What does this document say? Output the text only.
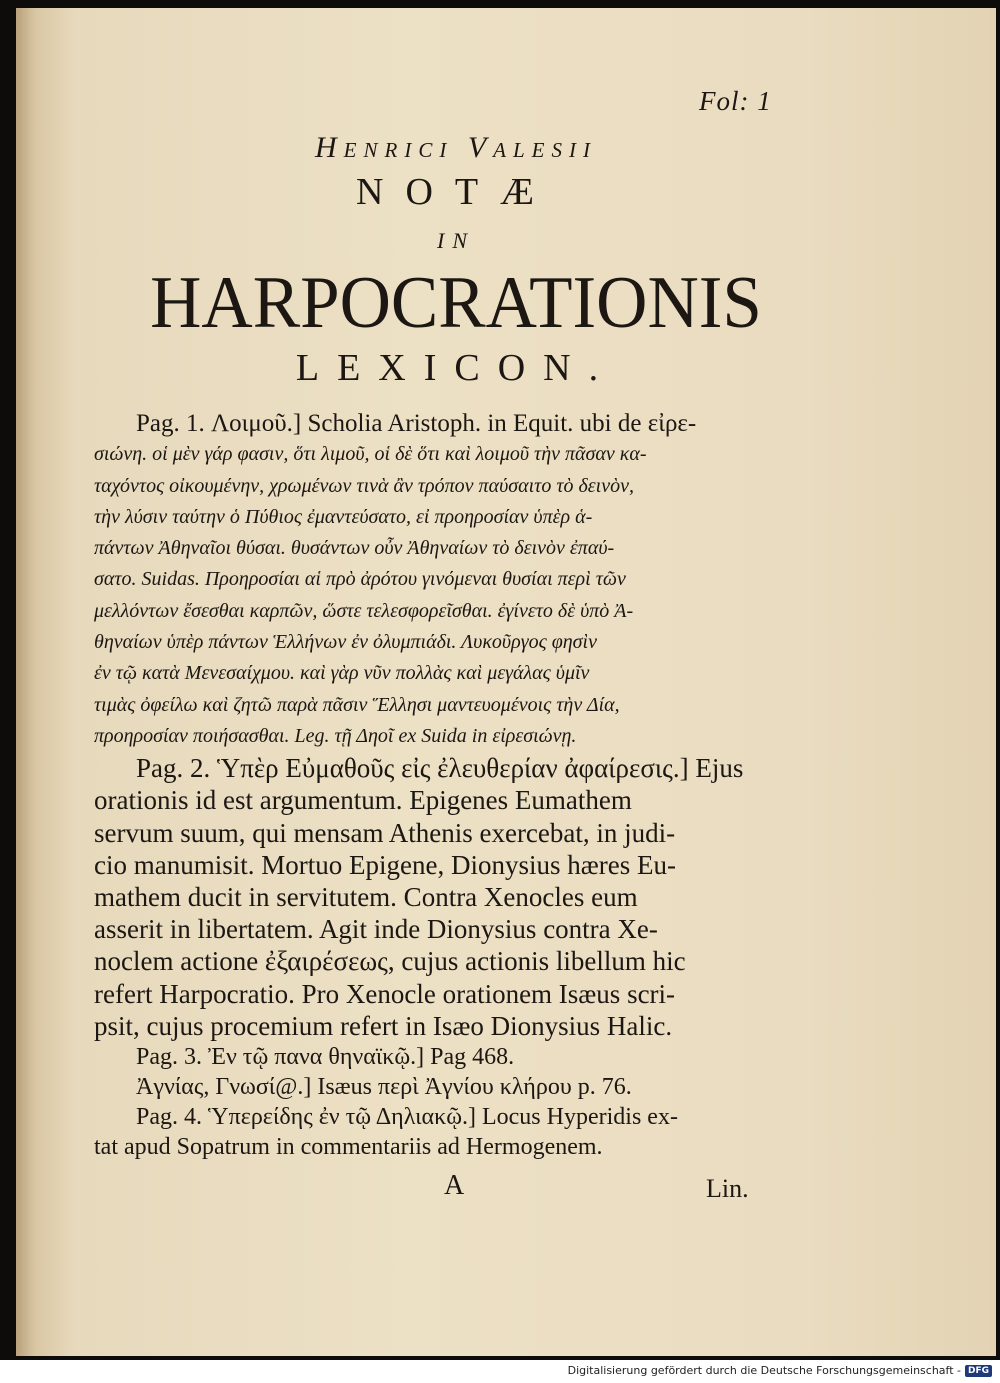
Fol: 1
Henrici Valesii
NOTÆ
IN
HARPOCRATIONIS
LEXICON.
Pag. 1. Λοιμοῦ.] Scholia Aristoph. in Equit. ubi de εἰρε-
σιώνη. οἱ μὲν γάρ φασιν, ὅτι λιμοῦ, οἱ δὲ ὅτι καὶ λοιμοῦ τὴν πᾶσαν κα-
ταχόντος οἰκουμένην, χρωμένων τινὰ ἂν τρόπον παύσαιτο τὸ δεινὸν,
τὴν λύσιν ταύτην ὁ Πύθιος ἐμαντεύσατο, εἰ προηροσίαν ὑπὲρ ἁ-
πάντων Ἀθηναῖοι θύσαι. θυσάντων οὖν Ἀθηναίων τὸ δεινὸν ἐπαύ-
σατο. Suidas. Προηροσίαι αἱ πρὸ ἀρότου γινόμεναι θυσίαι περὶ τῶν
μελλόντων ἔσεσθαι καρπῶν, ὥστε τελεσφορεῖσθαι. ἐγίνετο δὲ ὑπὸ Ἀ-
θηναίων ὑπὲρ πάντων Ἑλλήνων ἐν ὀλυμπιάδι. Λυκοῦργος φησὶν
ἐν τῷ κατὰ Μενεσαίχμου. καὶ γὰρ νῦν πολλὰς καὶ μεγάλας ὑμῖν
τιμὰς ὀφείλω καὶ ζητῶ παρὰ πᾶσιν Ἕλλησι μαντευομένοις τὴν Δία,
προηροσίαν ποιήσασθαι. Leg. τῇ Δηοῖ ex Suida in εἰρεσιώνῃ.
Pag. 2. Ὑπὲρ Εὐμαθοῦς εἰς ἐλευθερίαν ἀφαίρεσις.] Ejus
orationis id est argumentum. Epigenes Eumathem
servum suum, qui mensam Athenis exercebat, in judi-
cio manumisit. Mortuo Epigene, Dionysius hæres Eu-
mathem ducit in servitutem. Contra Xenocles eum
asserit in libertatem. Agit inde Dionysius contra Xe-
noclem actione ἐξαιρέσεως, cujus actionis libellum hic
refert Harpocratio. Pro Xenocle orationem Isæus scri-
psit, cujus procemium refert in Isæo Dionysius Halic.
Pag. 3. Ἐν τῷ πανα θηναϊκῷ.] Pag 468.
Ἀγνίας, Γνωσί@.] Isæus περὶ Ἀγνίου κλήρου p. 76.
Pag. 4. Ὑπερείδης ἐν τῷ Δηλιακῷ.] Locus Hyperidis ex-
tat apud Sopatrum in commentariis ad Hermogenem.
A	Lin.
Digitalisierung gefördert durch die Deutsche Forschungsgemeinschaft - DFG
